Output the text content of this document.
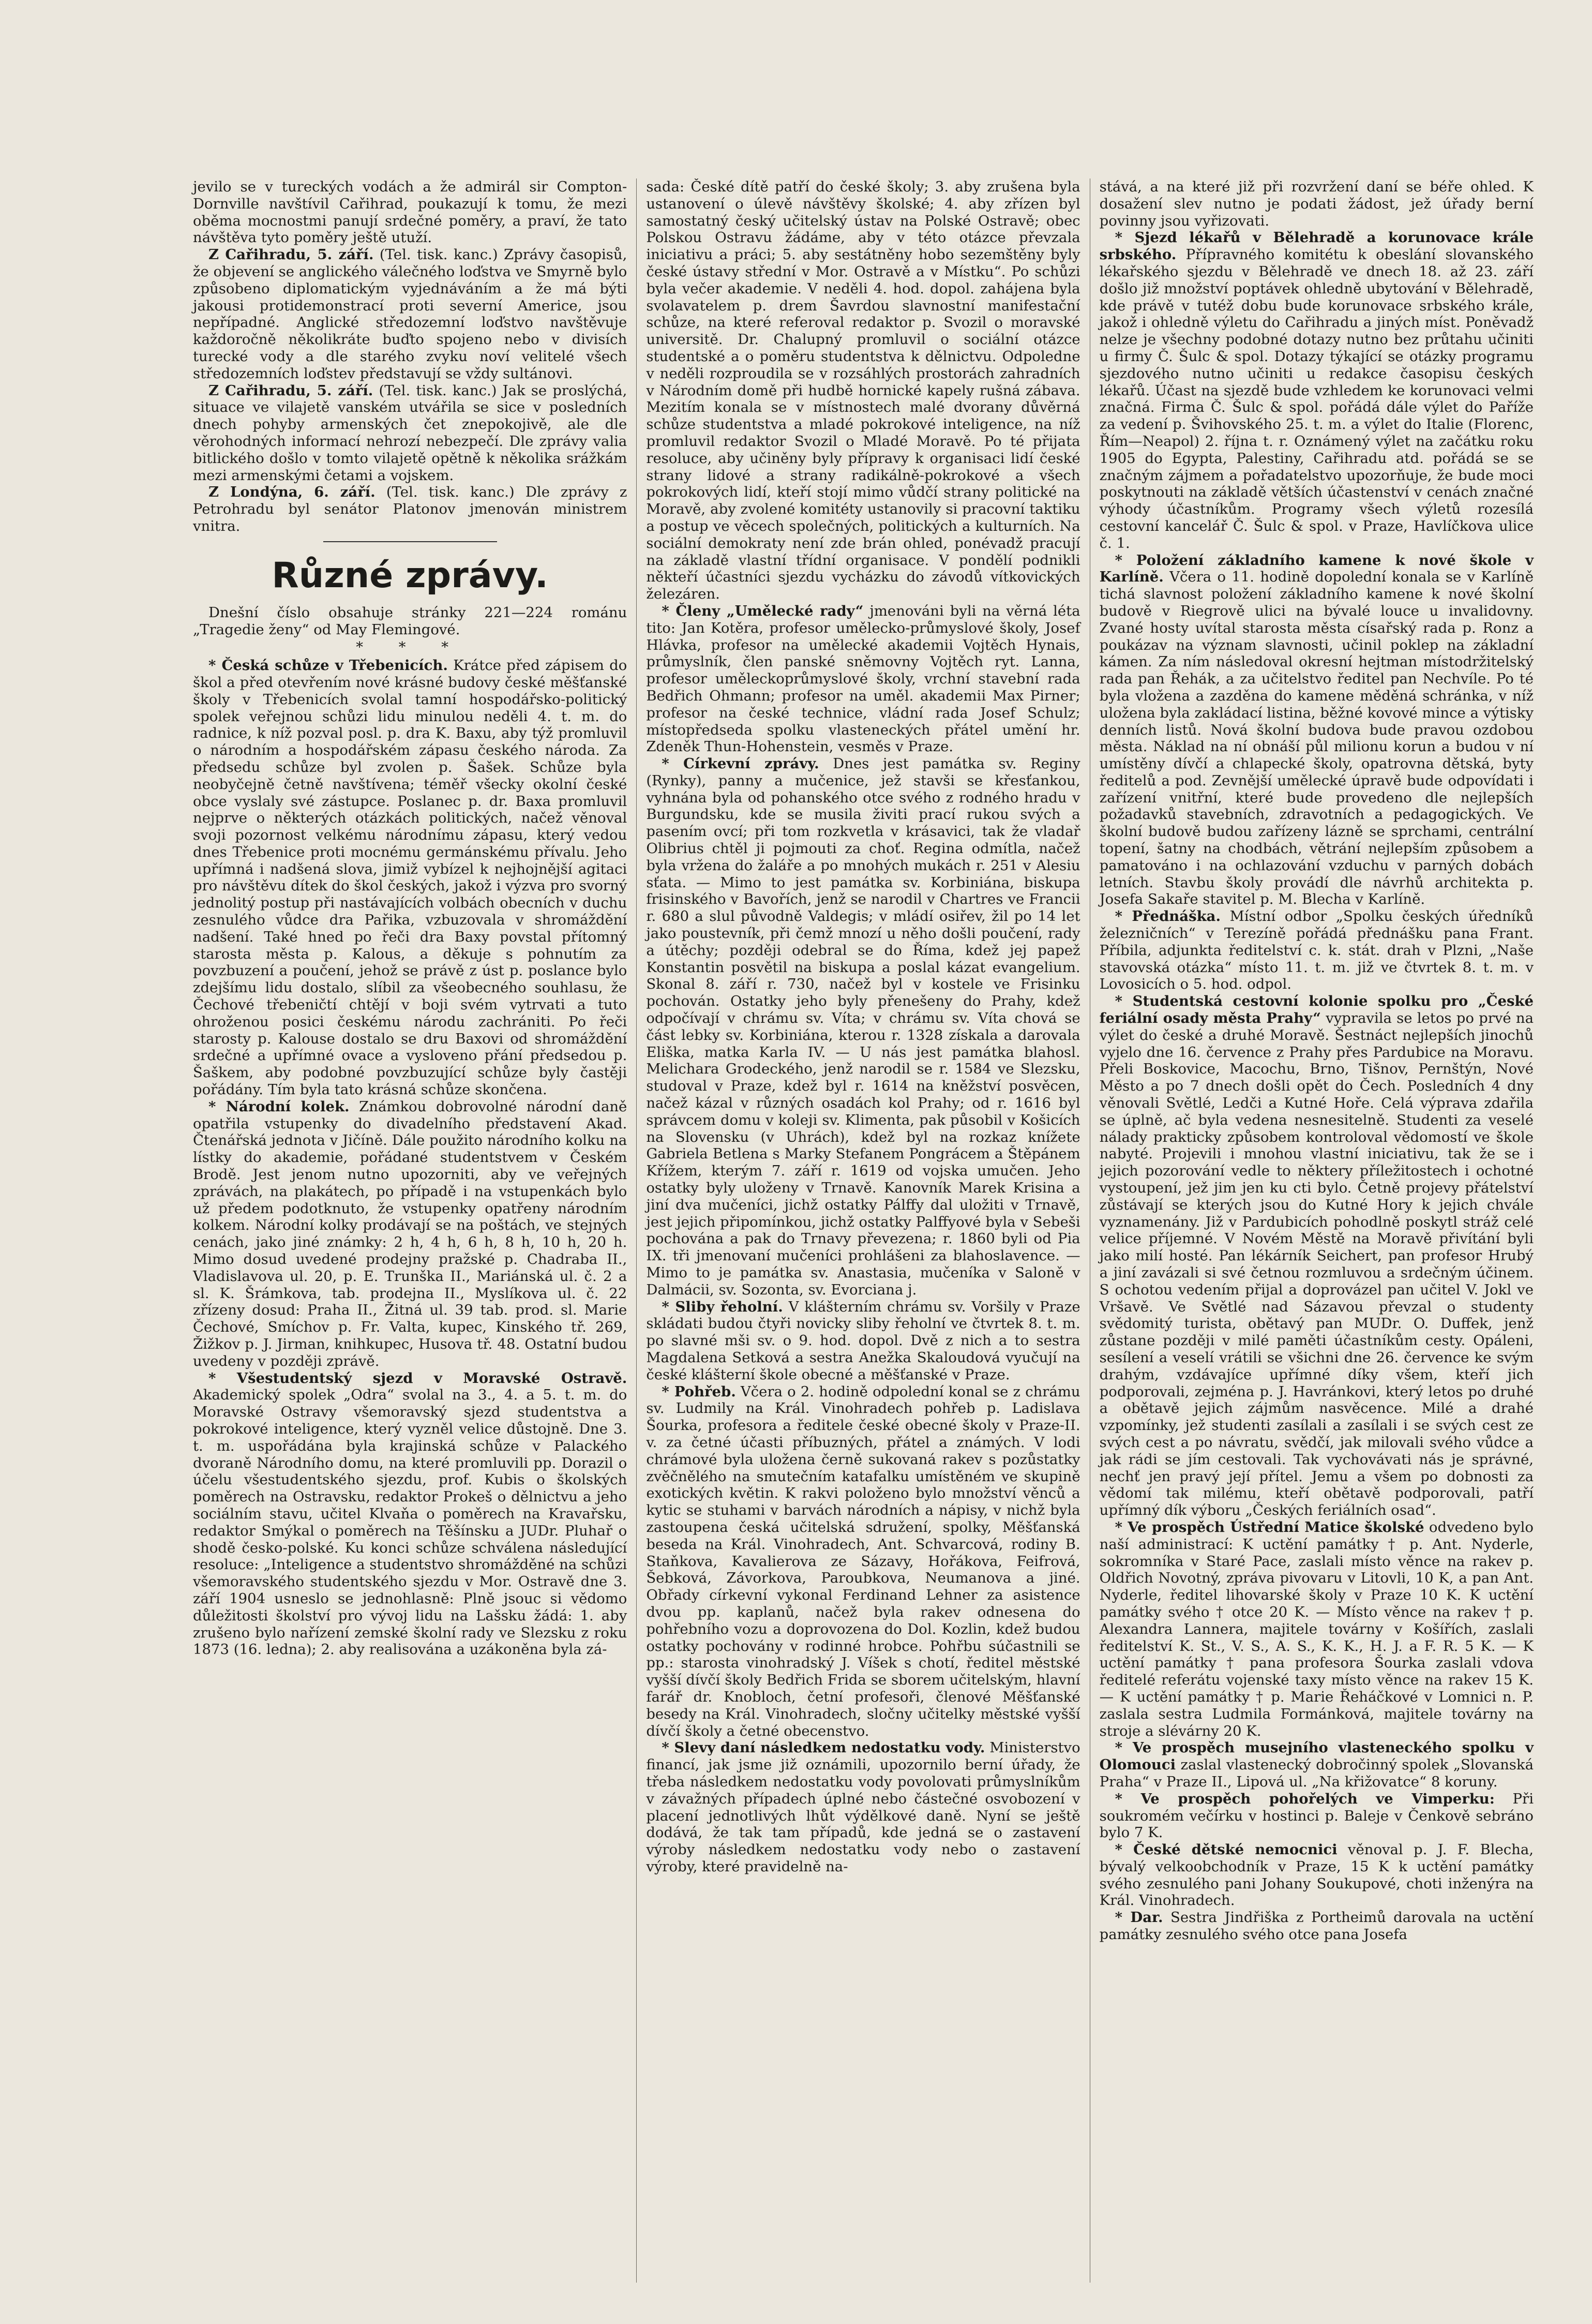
jevilo se v tureckých vodách a že admirál sir Compton-Dornville navštívil Cařihrad, poukazují k tomu, že mezi oběma mocnostmi panují srdečné poměry, a praví, že tato návštěva tyto poměry ještě utuží.

Z Cařihradu, 5. září. (Tel. tisk. kanc.) Zprávy časopisů, že objevení se anglického válečného loďstva ve Smyrně bylo způsobeno diplomatickým vyjednáváním a že má býti jakousi protidemonstrací proti severní Americe, jsou nepřípadné. Anglické středozemní loďstvo navštěvuje každoročně několikráte buďto spojeno nebo v divisích turecké vody a dle starého zvyku noví velitelé všech středozemních loďstev představují se vždy sultánovi.

Z Cařihradu, 5. září. (Tel. tisk. kanc.) Jak se proslýchá, situace ve vilajetě vanském utvářila se sice v posledních dnech pohyby armenských čet znepokojivě, ale dle věrohodných informací nehrozí nebezpečí. Dle zprávy valia bitlického došlo v tomto vilajetě opětně k několika srážkám mezi armenskými četami a vojskem.

Z Londýna, 6. září. (Tel. tisk. kanc.) Dle zprávy z Petrohradu byl senátor Platonov jmenován ministrem vnitra.

Různé zprávy.

Dnešní číslo obsahuje stránky 221—224 románu „Tragedie ženy“ od May Flemingové.

* * *

* Česká schůze v Třebenicích. Krátce před zápisem do škol a před otevřením nové krásné budovy české měšťanské školy v Třebenicích svolal tamní hospodářsko-politický spolek veřejnou schůzi lidu minulou neděli 4. t. m. do radnice, k níž pozval posl. p. dra K. Baxu, aby týž promluvil o národním a hospodářském zápasu českého národa. Za předsedu schůze byl zvolen p. Šašek. Schůze byla neobyčejně četně navštívena; téměř všecky okolní české obce vyslaly své zástupce. Poslanec p. dr. Baxa promluvil nejprve o některých otázkách politických, načež věnoval svoji pozornost velkému národnímu zápasu, který vedou dnes Třebenice proti mocnému germánskému přívalu. Jeho upřímná i nadšená slova, jimiž vybízel k nejhojnější agitaci pro návštěvu dítek do škol českých, jakož i výzva pro svorný jednolitý postup při nastávajících volbách obecních v duchu zesnulého vůdce dra Pařika, vzbuzovala v shromáždění nadšení. Také hned po řeči dra Baxy povstal přítomný starosta města p. Kalous, a děkuje s pohnutím za povzbuzení a poučení, jehož se právě z úst p. poslance bylo zdejšímu lidu dostalo, slíbil za všeobecného souhlasu, že Čechové třebeničtí chtějí v boji svém vytrvati a tuto ohroženou posici českému národu zachrániti. Po řeči starosty p. Kalouse dostalo se dru Baxovi od shromáždění srdečné a upřímné ovace a vysloveno přání předsedou p. Šaškem, aby podobné povzbuzující schůze byly častěji pořádány. Tím byla tato krásná schůze skončena.

* Národní kolek. Známkou dobrovolné národní daně opatřila vstupenky do divadelního představení Akad. Čtenářská jednota v Jičíně. Dále použito národního kolku na lístky do akademie, pořádané studentstvem v Českém Brodě. Jest jenom nutno upozorniti, aby ve veřejných zprávách, na plakátech, po případě i na vstupenkách bylo už předem podotknuto, že vstupenky opatřeny národním kolkem. Národní kolky prodávají se na poštách, ve stejných cenách, jako jiné známky: 2 h, 4 h, 6 h, 8 h, 10 h, 20 h. Mimo dosud uvedené prodejny pražské p. Chadraba II., Vladislavova ul. 20, p. E. Trunška II., Mariánská ul. č. 2 a sl. K. Šrámkova, tab. prodejna II., Myslíkova ul. č. 22 zřízeny dosud: Praha II., Žitná ul. 39 tab. prod. sl. Marie Čechové, Smíchov p. Fr. Valta, kupec, Kinského tř. 269, Žižkov p. J. Jirman, knihkupec, Husova tř. 48. Ostatní budou uvedeny v později zprávě.

* Všestudentský sjezd v Moravské Ostravě. Akademický spolek „Odra“ svolal na 3., 4. a 5. t. m. do Moravské Ostravy všemoravský sjezd studentstva a pokrokové inteligence, který vyzněl velice důstojně. Dne 3. t. m. uspořádána byla krajinská schůze v Palackého dvoraně Národního domu, na které promluvili pp. Dorazil o účelu všestudentského sjezdu, prof. Kubis o školských poměrech na Ostravsku, redaktor Prokeš o dělnictvu a jeho sociálním stavu, učitel Klvaňa o poměrech na Kravařsku, redaktor Smýkal o poměrech na Těšínsku a JUDr. Pluhař o shodě česko-polské. Ku konci schůze schválena následující resoluce: „Inteligence a studentstvo shromážděné na schůzi všemoravského studentského sjezdu v Mor. Ostravě dne 3. září 1904 usneslo se jednohlasně: Plně jsouc si vědomo důležitosti školství pro vývoj lidu na Lašsku žádá: 1. aby zrušeno bylo nařízení zemské školní rady ve Slezsku z roku 1873 (16. ledna); 2. aby realisována a uzákoněna byla zá-

sada: České dítě patří do české školy; 3. aby zrušena byla ustanovení o úlevě návštěvy školské; 4. aby zřízen byl samostatný český učitelský ústav na Polské Ostravě; obec Polskou Ostravu žádáme, aby v této otázce převzala iniciativu a práci; 5. aby sestátněny hobo sezemštěny byly české ústavy střední v Mor. Ostravě a v Místku“. Po schůzi byla večer akademie. V neděli 4. hod. dopol. zahájena byla svolavatelem p. drem Šavrdou slavnostní manifestační schůze, na které referoval redaktor p. Svozil o moravské universitě. Dr. Chalupný promluvil o sociální otázce studentské a o poměru studentstva k dělnictvu. Odpoledne v neděli rozproudila se v rozsáhlých prostorách zahradních v Národním domě při hudbě hornické kapely rušná zábava. Mezitím konala se v místnostech malé dvorany důvěrná schůze studentstva a mladé pokrokové inteligence, na níž promluvil redaktor Svozil o Mladé Moravě. Po té přijata resoluce, aby učiněny byly přípravy k organisaci lidí české strany lidové a strany radikálně-pokrokové a všech pokrokových lidí, kteří stojí mimo vůdčí strany politické na Moravě, aby zvolené komitéty ustanovily si pracovní taktiku a postup ve věcech společných, politických a kulturních. Na sociální demokraty není zde brán ohled, ponévadž pracují na základě vlastní třídní organisace. V pondělí podnikli někteří účastníci sjezdu vycházku do závodů vítkovických železáren.

* Členy „Umělecké rady“ jmenováni byli na věrná léta tito: Jan Kotěra, profesor umělecko-průmyslové školy, Josef Hlávka, profesor na umělecké akademii Vojtěch Hynais, průmyslník, člen panské sněmovny Vojtěch ryt. Lanna, profesor uměleckoprůmyslové školy, vrchní stavební rada Bedřich Ohmann; profesor na uměl. akademii Max Pirner; profesor na české technice, vládní rada Josef Schulz; místopředseda spolku vlasteneckých přátel umění hr. Zdeněk Thun-Hohenstein, vesměs v Praze.

* Církevní zprávy. Dnes jest památka sv. Reginy (Rynky), panny a mučenice, jež stavši se křesťankou, vyhnána byla od pohanského otce svého z rodného hradu v Burgundsku, kde se musila živiti prací rukou svých a pasením ovcí; při tom rozkvetla v krásavici, tak že vladař Olibrius chtěl ji pojmouti za choť. Regina odmítla, načež byla vržena do žaláře a po mnohých mukách r. 251 v Alesiu sťata. — Mimo to jest památka sv. Korbiniána, biskupa frisinského v Bavořích, jenž se narodil v Chartres ve Francii r. 680 a slul původně Valdegis; v mládí osiřev, žil po 14 let jako poustevník, při čemž mnozí u něho došli poučení, rady a útěchy; později odebral se do Říma, kdež jej papež Konstantin posvětil na biskupa a poslal kázat evangelium. Skonal 8. září r. 730, načež byl v kostele ve Frisinku pochován. Ostatky jeho byly přenešeny do Prahy, kdež odpočívají v chrámu sv. Víta; v chrámu sv. Víta chová se část lebky sv. Korbiniána, kterou r. 1328 získala a darovala Eliška, matka Karla IV. — U nás jest památka blahosl. Melichara Grodeckého, jenž narodil se r. 1584 ve Slezsku, studoval v Praze, kdež byl r. 1614 na kněžství posvěcen, načež kázal v různých osadách kol Prahy; od r. 1616 byl správcem domu v koleji sv. Klimenta, pak působil v Košicích na Slovensku (v Uhrách), kdež byl na rozkaz knížete Gabriela Betlena s Marky Stefanem Pongrácem a Štěpánem Křížem, kterým 7. září r. 1619 od vojska umučen. Jeho ostatky byly uloženy v Trnavě. Kanovník Marek Krisina a jiní dva mučeníci, jichž ostatky Pálffy dal uložiti v Trnavě, jest jejich připomínkou, jichž ostatky Palffyové byla v Sebeši pochována a pak do Trnavy převezena; r. 1860 byli od Pia IX. tři jmenovaní mučeníci prohlášeni za blahoslavence. — Mimo to je památka sv. Anastasia, mučeníka v Saloně v Dalmácii, sv. Sozonta, sv. Evorciana j.

* Sliby řeholní. V klášterním chrámu sv. Voršily v Praze skládati budou čtyři novicky sliby řeholní ve čtvrtek 8. t. m. po slavné mši sv. o 9. hod. dopol. Dvě z nich a to sestra Magdalena Setková a sestra Anežka Skaloudová vyučují na české klášterní škole obecné a měšťanské v Praze.

* Pohřeb. Včera o 2. hodině odpolední konal se z chrámu sv. Ludmily na Král. Vinohradech pohřeb p. Ladislava Šourka, profesora a ředitele české obecné školy v Praze-II. v. za četné účasti příbuzných, přátel a známých. V lodi chrámové byla uložena černě sukovaná rakev s pozůstatky zvěčnělého na smutečním katafalku umístěném ve skupině exotických květin. K rakvi položeno bylo množství věnců a kytic se stuhami v barvách národních a nápisy, v nichž byla zastoupena česká učitelská sdružení, spolky, Měšťanská beseda na Král. Vinohradech, Ant. Schvarcová, rodiny B. Staňkova, Kavalierova ze Sázavy, Hořákova, Feifrová, Šebková, Závorkova, Paroubkova, Neumanova a jiné. Obřady církevní vykonal Ferdinand Lehner za asistence dvou pp. kaplanů, načež byla rakev odnesena do pohřebního vozu a doprovozena do Dol. Kozlin, kdež budou ostatky pochovány v rodinné hrobce. Pohřbu súčastnili se pp.: starosta vinohradský J. Víšek s chotí, ředitel městské vyšší dívčí školy Bedřich Frida se sborem učitelským, hlavní farář dr. Knobloch, četní profesoři, členové Měšťanské besedy na Král. Vinohradech, sločny učitelky městské vyšší dívčí školy a četné obecenstvo.

* Slevy daní následkem nedostatku vody. Ministerstvo financí, jak jsme již oznámili, upozornilo berní úřady, že třeba následkem nedostatku vody povolovati průmyslníkům v závažných případech úplné nebo částečné osvobození v placení jednotlivých lhůt výdělkové daně. Nyní se ještě dodává, že tak tam případů, kde jedná se o zastavení výroby následkem nedostatku vody nebo o zastavení výroby, které pravidelně na-

stává, a na které již při rozvržení daní se béře ohled. K dosažení slev nutno je podati žádost, jež úřady berní povinny jsou vyřizovati.

* Sjezd lékařů v Bělehradě a korunovace krále srbského. Přípravného komitétu k obeslání slovanského lékařského sjezdu v Bělehradě ve dnech 18. až 23. září došlo již množství poptávek ohledně ubytování v Bělehradě, kde právě v tutéž dobu bude korunovace srbského krále, jakož i ohledně výletu do Cařihradu a jiných míst. Poněvadž nelze je všechny podobné dotazy nutno bez průtahu učiniti u firmy Č. Šulc & spol. Dotazy týkající se otázky programu sjezdového nutno učiniti u redakce časopisu českých lékařů. Účast na sjezdě bude vzhledem ke korunovaci velmi značná. Firma Č. Šulc & spol. pořádá dále výlet do Paříže za vedení p. Švihovského 25. t. m. a výlet do Italie (Florenc, Řím—Neapol) 2. října t. r. Oznámený výlet na začátku roku 1905 do Egypta, Palestiny, Cařihradu atd. pořádá se se značným zájmem a pořadatelstvo upozorňuje, že bude moci poskytnouti na základě větších účastenství v cenách značné výhody účastníkům. Programy všech výletů rozesílá cestovní kancelář Č. Šulc & spol. v Praze, Havlíčkova ulice č. 1.

* Položení základního kamene k nové škole v Karlíně. Včera o 11. hodině dopolední konala se v Karlíně tichá slavnost položení základního kamene k nové školní budově v Riegrově ulici na bývalé louce u invalidovny. Zvané hosty uvítal starosta města císařský rada p. Ronz a poukázav na význam slavnosti, učinil poklep na základní kámen. Za ním následoval okresní hejtman místodržitelský rada pan Řehák, a za učitelstvo ředitel pan Nechvíle. Po té byla vložena a zazděna do kamene měděná schránka, v níž uložena byla zakládací listina, běžné kovové mince a výtisky denních listů. Nová školní budova bude pravou ozdobou města. Náklad na ní obnáší půl milionu korun a budou v ní umístěny dívčí a chlapecké školy, opatrovna dětská, byty ředitelů a pod. Zevnější umělecké úpravě bude odpovídati i zařízení vnitřní, které bude provedeno dle nejlepších požadavků stavebních, zdravotních a pedagogických. Ve školní budově budou zařízeny lázně se sprchami, centrální topení, šatny na chodbách, větrání nejlepším způsobem a pamatováno i na ochlazování vzduchu v parných dobách letních. Stavbu školy provádí dle návrhů architekta p. Josefa Sakaře stavitel p. M. Blecha v Karlíně.

* Přednáška. Místní odbor „Spolku českých úředníků železničních“ v Terezíně pořádá přednášku pana Frant. Příbila, adjunkta ředitelství c. k. stát. drah v Plzni, „Naše stavovská otázka“ místo 11. t. m. již ve čtvrtek 8. t. m. v Lovosicích o 5. hod. odpol.

* Studentská cestovní kolonie spolku pro „České feriální osady města Prahy“ vypravila se letos po prvé na výlet do české a druhé Moravě. Šestnáct nejlepších jinochů vyjelo dne 16. července z Prahy přes Pardubice na Moravu. Přeli Boskovice, Macochu, Brno, Tišnov, Pernštýn, Nové Město a po 7 dnech došli opět do Čech. Posledních 4 dny věnovali Světlé, Ledči a Kutné Hoře. Celá výprava zdařila se úplně, ač byla vedena nesnesitelně. Studenti za veselé nálady prakticky způsobem kontroloval vědomostí ve škole nabyté. Projevili i mnohou vlastní iniciativu, tak že se i jejich pozorování vedle to některy příležitostech i ochotné vystoupení, jež jim jen ku cti bylo. Četně projevy přátelství zůstávají se kterých jsou do Kutné Hory k jejich chvále vyznamenány. Již v Pardubicích pohodlně poskytl stráž celé velice příjemné. V Novém Městě na Moravě přivítání byli jako milí hosté. Pan lékárník Seichert, pan profesor Hrubý a jiní zavázali si své četnou rozmluvou a srdečným účinem. S ochotou vedením přijal a doprovázel pan učitel V. Jokl ve Vršavě. Ve Světlé nad Sázavou převzal o studenty svědomitý turista, obětavý pan MUDr. O. Duffek, jenž zůstane později v milé paměti účastníkům cesty. Opáleni, sesílení a veselí vrátili se všichni dne 26. července ke svým drahým, vzdávajíce upřímné díky všem, kteří jich podporovali, zejména p. J. Havránkovi, který letos po druhé a obětavě jejich zájmům nasvěcence. Milé a drahé vzpomínky, jež studenti zasílali a zasílali i se svých cest ze svých cest a po návratu, svědčí, jak milovali svého vůdce a jak rádi se jím cestovali. Tak vychovávati nás je správné, nechť jen pravý její přítel. Jemu a všem po dobnosti za vědomí tak milému, kteří obětavě podporovali, patří upřímný dík výboru „Českých feriálních osad“.

* Ve prospěch Ústřední Matice školské odvedeno bylo naší administrací: K uctění památky † p. Ant. Nyderle, sokromníka v Staré Pace, zaslali místo věnce na rakev p. Oldřich Novotný, zpráva pivovaru v Litovli, 10 K, a pan Ant. Nyderle, ředitel lihovarské školy v Praze 10 K. K uctění památky svého † otce 20 K. — Místo věnce na rakev † p. Alexandra Lannera, majitele továrny v Košířích, zaslali ředitelství K. St., V. S., A. S., K. K., H. J. a F. R. 5 K. — K uctění památky † pana profesora Šourka zaslali vdova ředitelé referátu vojenské taxy místo věnce na rakev 15 K. — K uctění památky † p. Marie Řeháčkové v Lomnici n. P. zaslala sestra Ludmila Formánková, majitele továrny na stroje a slévárny 20 K.

* Ve prospěch musejního vlasteneckého spolku v Olomouci zaslal vlastenecký dobročinný spolek „Slovanská Praha“ v Praze II., Lipová ul. „Na křižovatce“ 8 koruny.

* Ve prospěch pohořelých ve Vimperku: Při soukromém večírku v hostinci p. Baleje v Čenkově sebráno bylo 7 K.

* České dětské nemocnici věnoval p. J. F. Blecha, bývalý velkoobchodník v Praze, 15 K k uctění památky svého zesnulého pani Johany Soukupové, choti inženýra na Král. Vinohradech.

* Dar. Sestra Jindřiška z Portheimů darovala na uctění památky zesnulého svého otce pana Josefa
